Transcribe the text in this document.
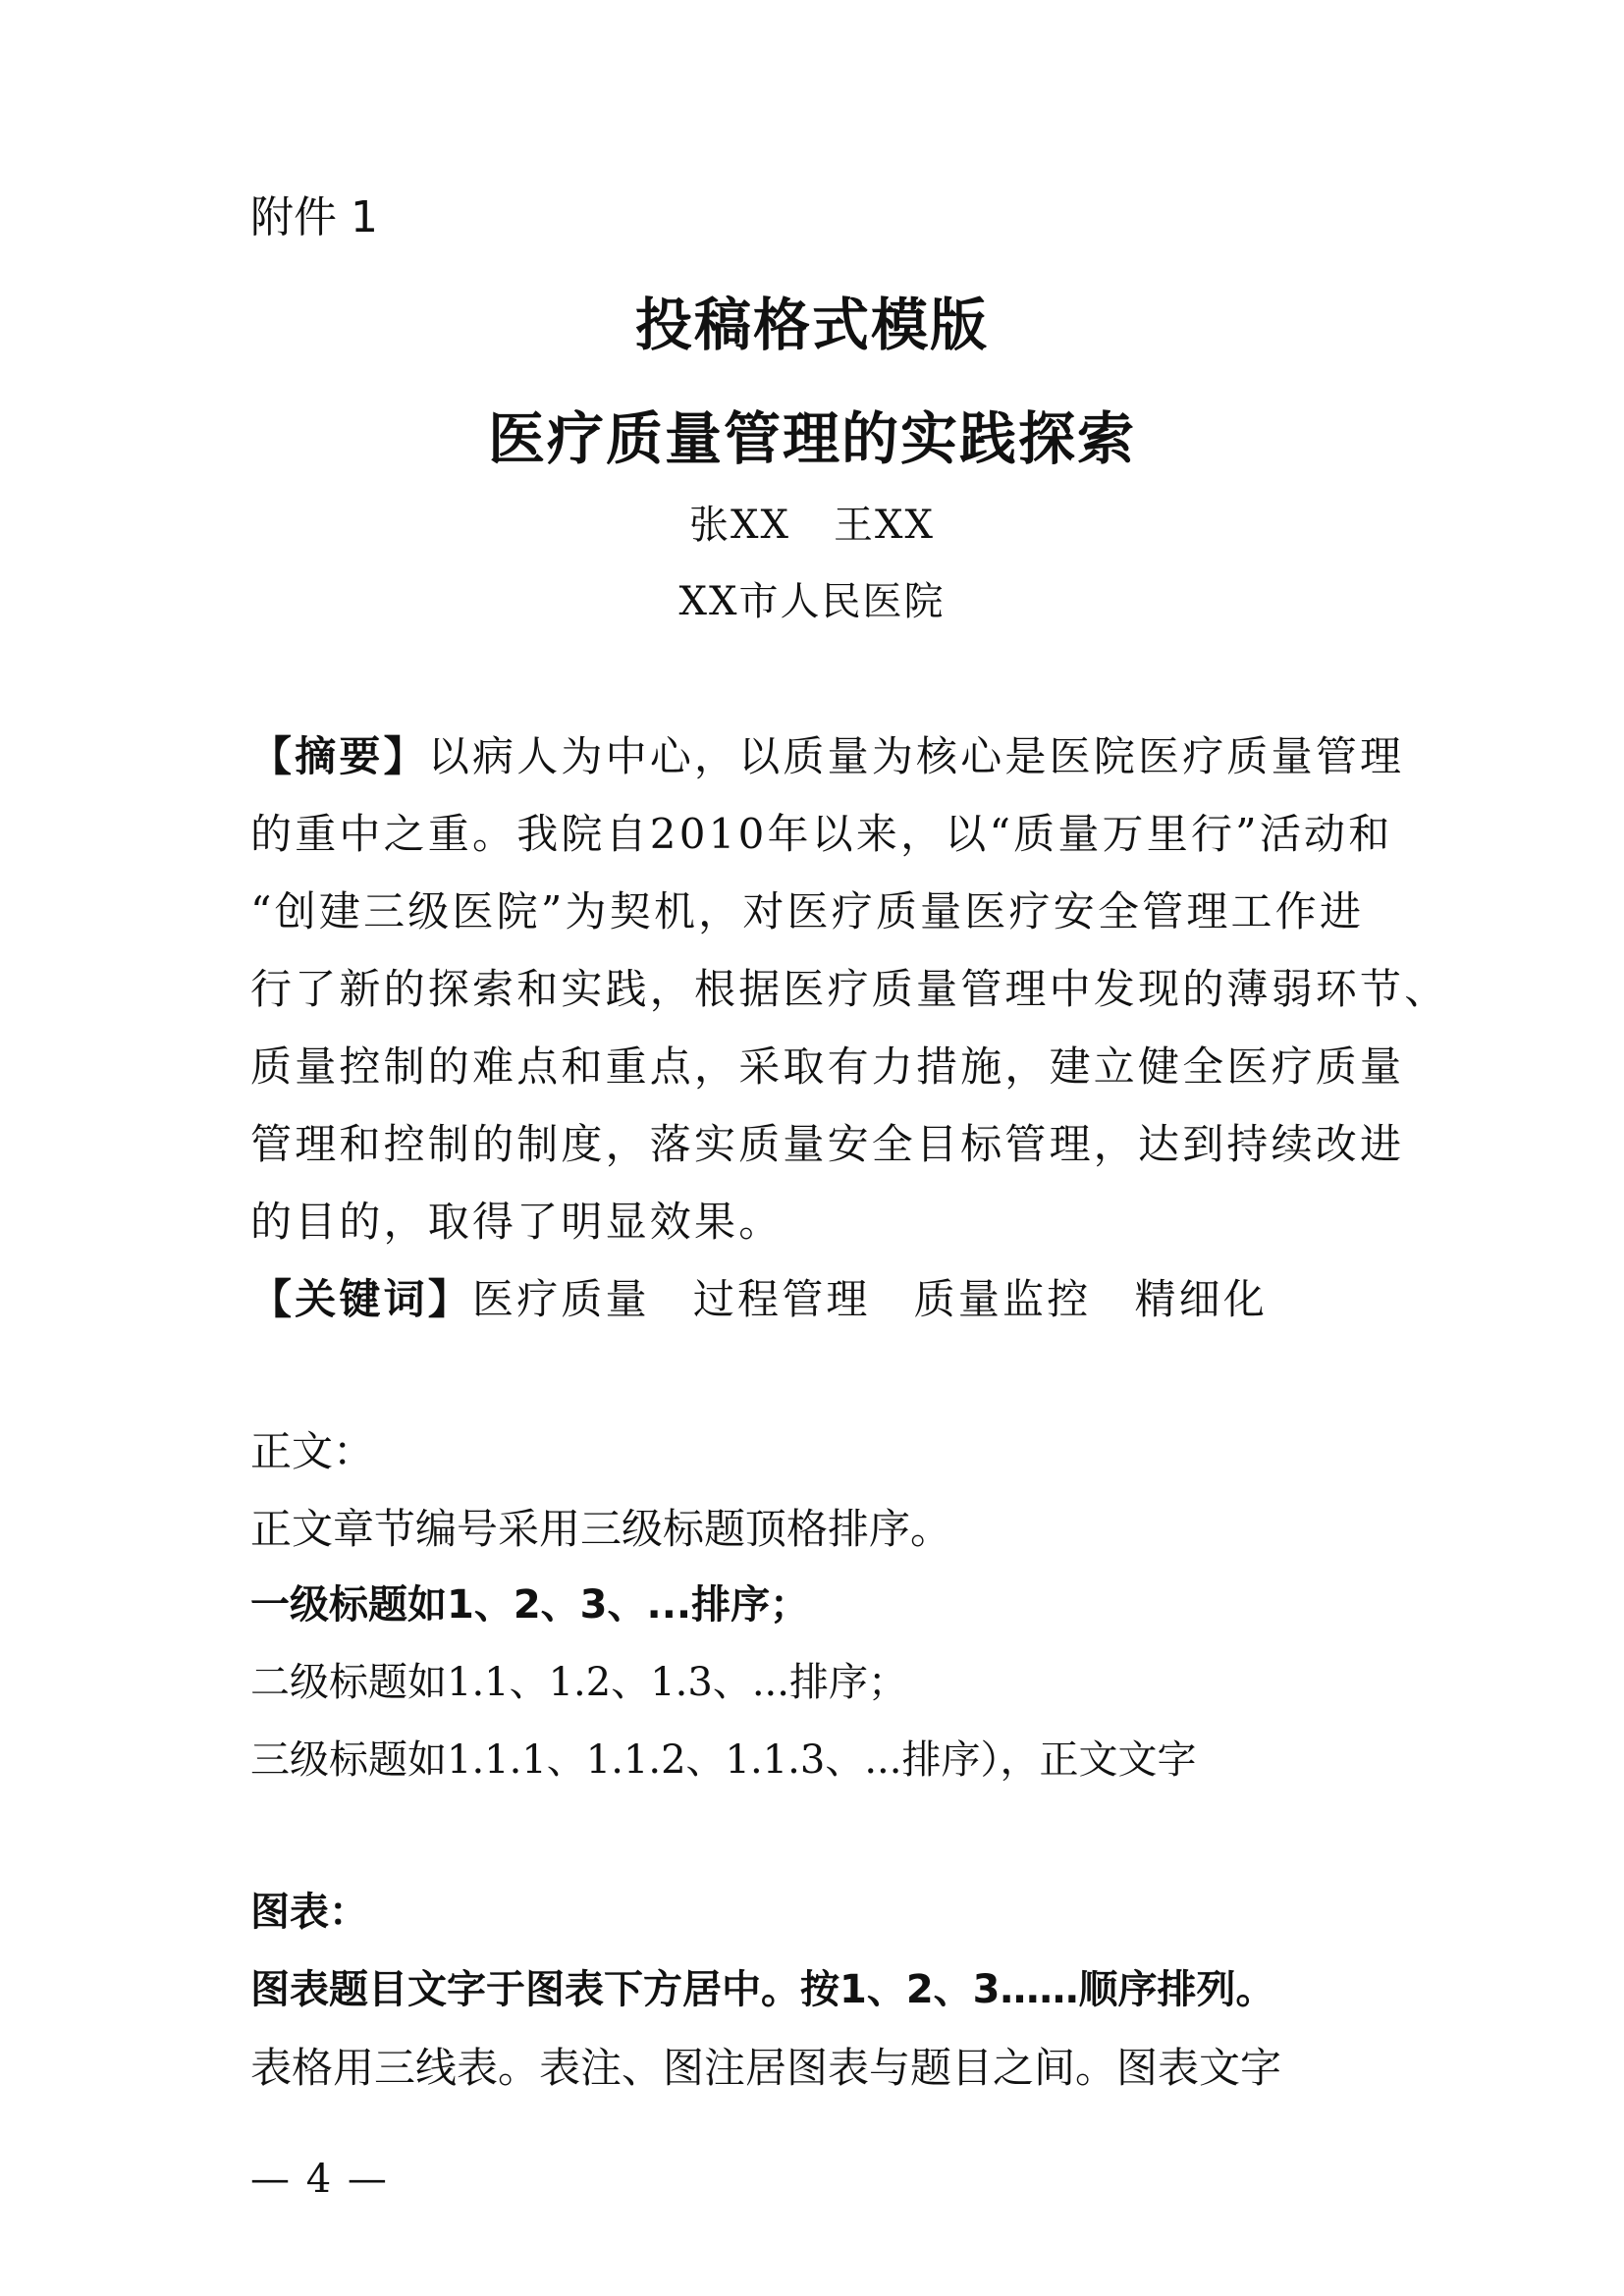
附件 1
投稿格式模版
医疗质量管理的实践探索
张XX 王XX
XX市人民医院
【摘要】以病人为中心，以质量为核心是医院医疗质量管理
的重中之重。我院自2010年以来，以“质量万里行”活动和
“创建三级医院”为契机，对医疗质量医疗安全管理工作进
行了新的探索和实践，根据医疗质量管理中发现的薄弱环节、
质量控制的难点和重点，采取有力措施，建立健全医疗质量
管理和控制的制度，落实质量安全目标管理，达到持续改进
的目的，取得了明显效果。
【关键词】医疗质量 过程管理 质量监控 精细化
正文：
正文章节编号采用三级标题顶格排序。
一级标题如1、2、3、...排序；
二级标题如1.1、1.2、1.3、...排序；
三级标题如1.1.1、1.1.2、1.1.3、...排序），正文文字
图表：
图表题目文字于图表下方居中。按1、2、3……顺序排列。
表格用三线表。表注、图注居图表与题目之间。图表文字
— 4 —
